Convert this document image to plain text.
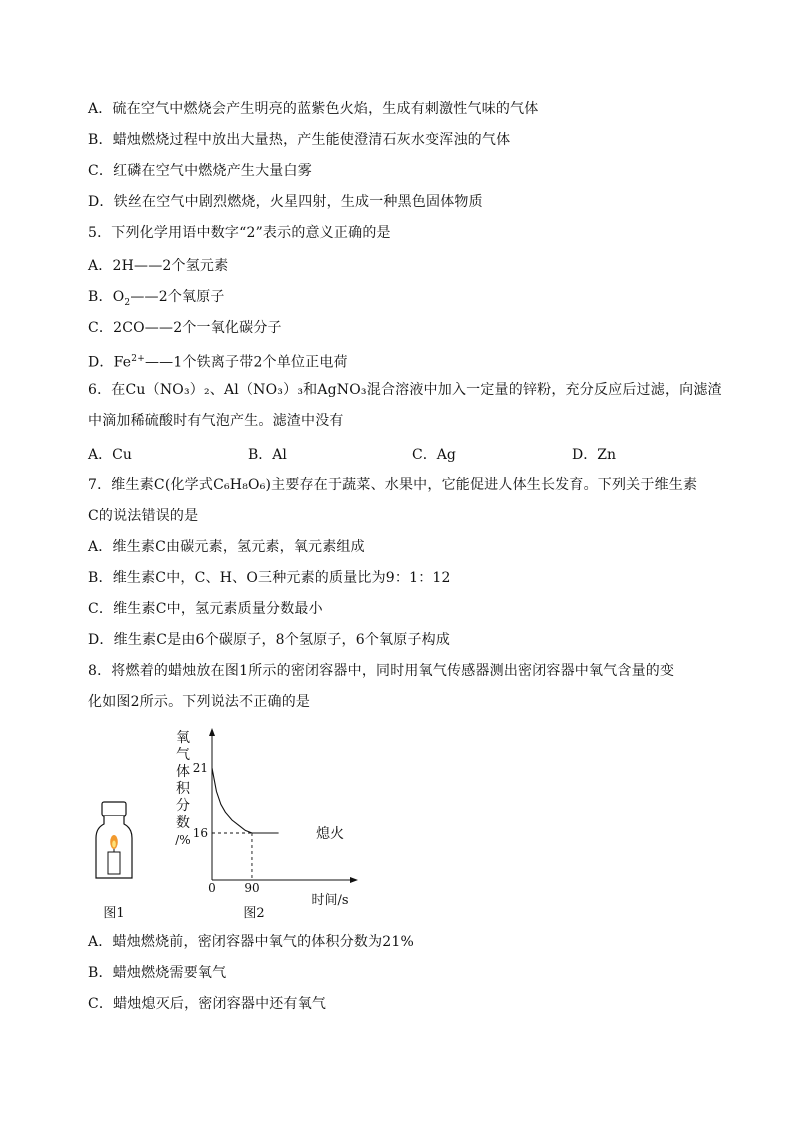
A．硫在空气中燃烧会产生明亮的蓝紫色火焰，生成有刺激性气味的气体
B．蜡烛燃烧过程中放出大量热，产生能使澄清石灰水变浑浊的气体
C．红磷在空气中燃烧产生大量白雾
D．铁丝在空气中剧烈燃烧，火星四射，生成一种黑色固体物质
5．下列化学用语中数字“2”表示的意义正确的是
A．2H——2个氢元素
B．$O_2——2$个氧原子
C．2CO——2个一氧化碳分子
D．$Fe^{2+}——1$个铁离子带2个单位正电荷
6．在Cu（NO₃）₂、Al（NO₃）₃和AgNO₃混合溶液中加入一定量的锌粉，充分反应后过滤，向滤渣
中滴加稀硫酸时有气泡产生。滤渣中没有
A．Cu	B．Al	C．Ag	D．Zn
7．维生素C(化学式C₆H₈O₆)主要存在于蔬菜、水果中，它能促进人体生长发育。下列关于维生素
C的说法错误的是
A．维生素C由碳元素，氢元素，氧元素组成
B．维生素C中，C、H、O三种元素的质量比为9：1：12
C．维生素C中，氢元素质量分数最小
D．维生素C是由6个碳原子，8个氢原子，6个氧原子构成
8．将燃着的蜡烛放在图1所示的密闭容器中，同时用氧气传感器测出密闭容器中氧气含量的变
化如图2所示。下列说法不正确的是
图1
氧
气
体
积
分
数
/% 16
21
90
0
时间/s
熄火
图2
A．蜡烛燃烧前，密闭容器中氧气的体积分数为21%
B．蜡烛燃烧需要氧气
C．蜡烛熄灭后，密闭容器中还有氧气
